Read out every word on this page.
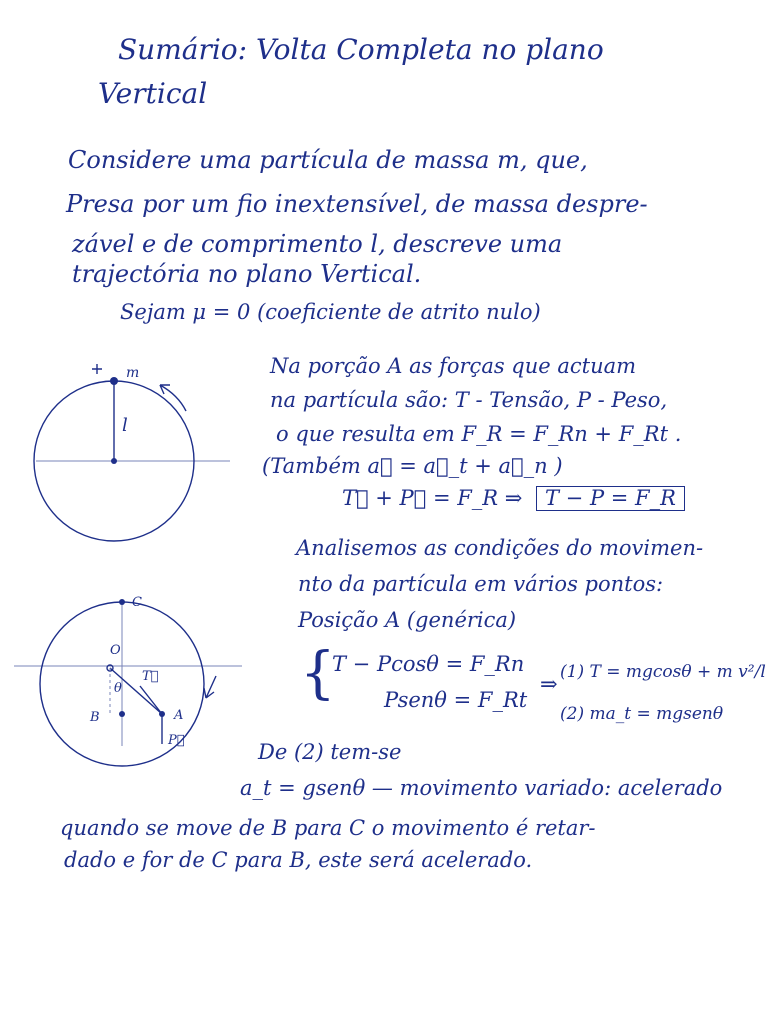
Sumário: Volta Completa no plano
Vertical
Considere uma partícula de massa m, que,
Presa por um fio inextensível, de massa despre-
zável e de comprimento l, descreve uma
trajectória no plano Vertical.
Sejam μ = 0 (coeficiente de atrito nulo)
m
l
Na porção A as forças que actuam
na partícula são: T - Tensão, P - Peso,
o que resulta em F_R = F_Rn + F_Rt .
(Também a⃗ = a⃗_t + a⃗_n )
T⃗ + P⃗ = F_R ⇒	T − P = F_R
Analisemos as condições do movimen-
nto da partícula em vários pontos:
Posição A (genérica)
C
O
B	A
θ
T⃗
P⃗
{
T − Pcosθ = F_Rn
Psenθ = F_Rt
⇒ (1) T = mgcosθ + m v²/l
(2) ma_t = mgsenθ
De (2) tem-se
a_t = gsenθ — movimento variado: acelerado
quando se move de B para C o movimento é retar-
dado e for de C para B, este será acelerado.
